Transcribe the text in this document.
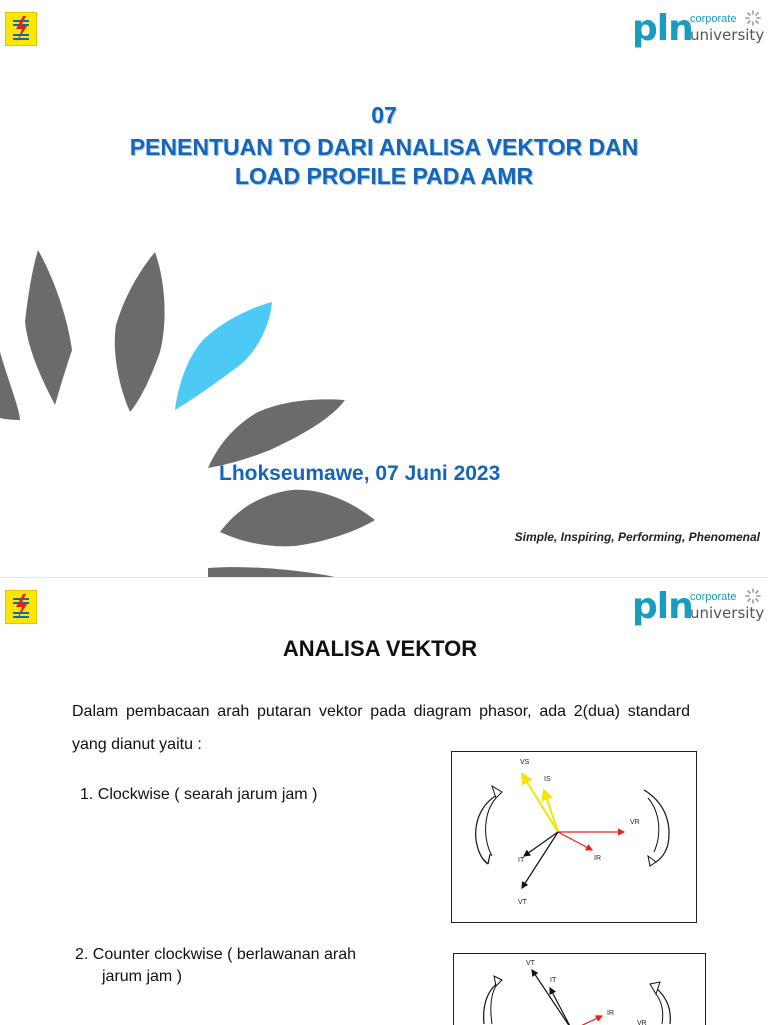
pln
corporate
university
07
PENENTUAN TO DARI ANALISA VEKTOR DAN
LOAD PROFILE PADA AMR
Lhokseumawe, 07 Juni 2023
Simple, Inspiring, Performing, Phenomenal
pln
corporate
university
ANALISA VEKTOR
Dalam pembacaan arah putaran vektor pada diagram phasor, ada 2(dua) standard yang dianut yaitu :
1. Clockwise ( searah jarum jam )
2. Counter clockwise ( berlawanan arah
jarum jam )
VS
IS
VR
IR
IT
VT
VT
IT
IR
VR
